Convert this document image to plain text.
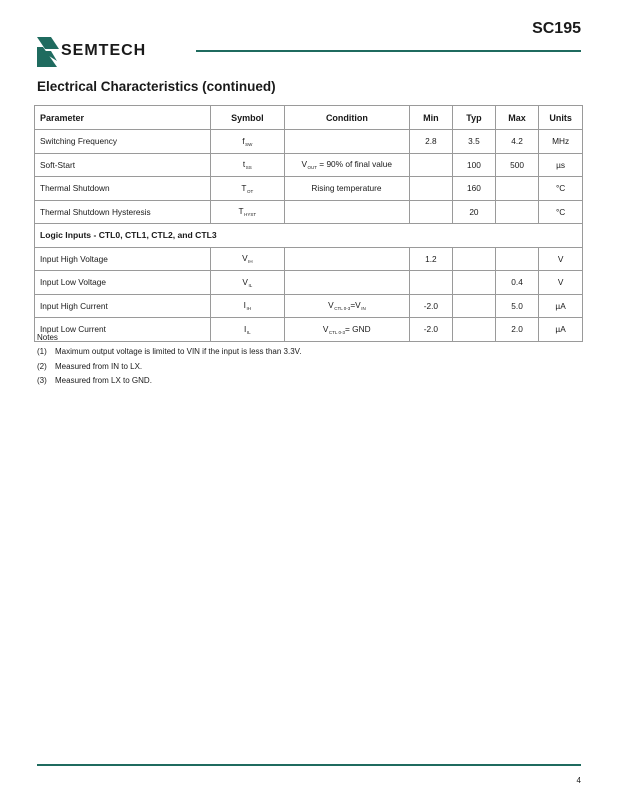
SC195
SEMTECH
Electrical Characteristics (continued)
Parameter	Symbol	Condition	Min	Typ	Max	Units
Switching Frequency	$f_{SW}$		2.8	3.5	4.2	MHz
Soft-Start	$t_{SS}$	$V_{OUT} = 90\%$ of final value		100	500	µs
Thermal Shutdown	$T_{OT}$	Rising temperature		160		°C
Thermal Shutdown Hysteresis	$T_{HYST}$			20		°C
Logic Inputs - CTL0, CTL1, CTL2, and CTL3						
Input High Voltage	$V_{IH}$		1.2			V
Input Low Voltage	$V_{IL}$				0.4	V
Input High Current	$I_{IH}$	$V_{CTL 0-3}=V_{IN}$	-2.0		5.0	µA
Input Low Current	$I_{IL}$	$V_{CTL 0-3}=$ GND	-2.0		2.0	µA
Notes
(1) Maximum output voltage is limited to VIN if the input is less than 3.3V.
(2) Measured from IN to LX.
(3) Measured from LX to GND.
4
